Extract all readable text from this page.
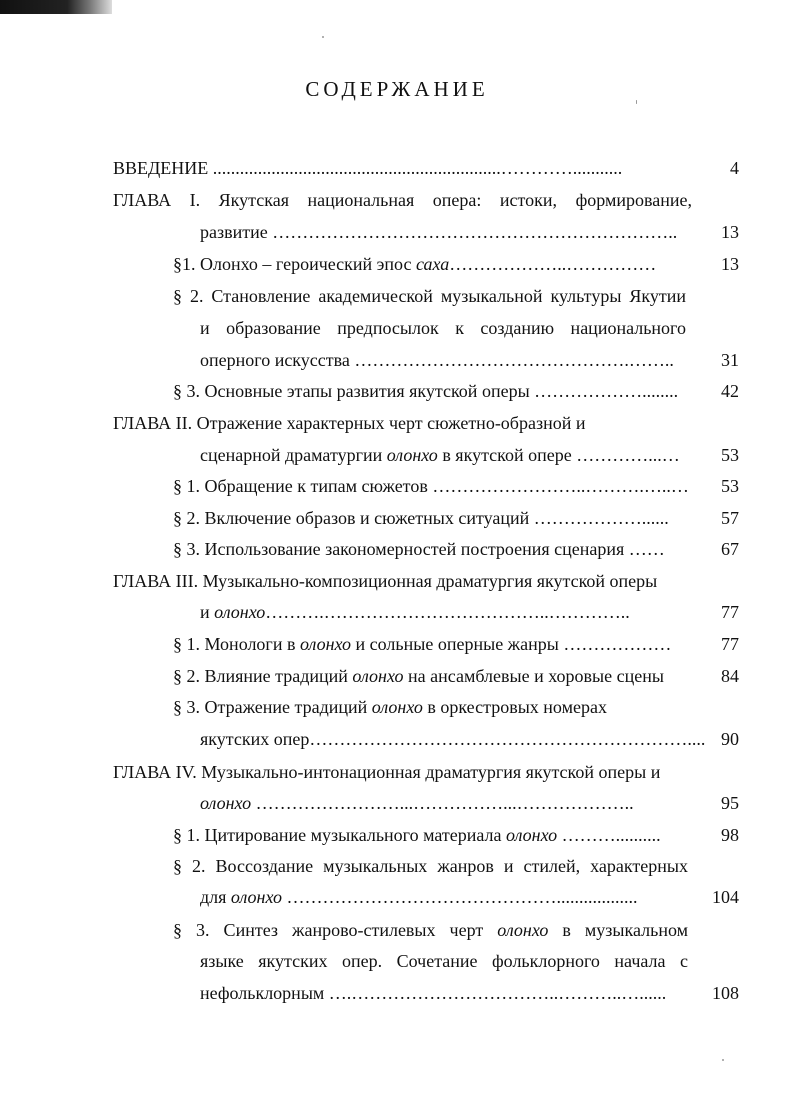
СОДЕРЖАНИЕ
ВВЕДЕНИЕ ................................................................…………...........	4
ГЛАВА I. Якутская национальная опера: истоки, формирование,
развитие …………………………………………………………..	13
§1. Олонхо – героический эпос саха………………..……………	13
§ 2. Становление академической музыкальной культуры Якутии
и образование предпосылок к созданию национального
оперного искусства ……………………………………….……..	31
§ 3. Основные этапы развития якутской оперы ………………........	42
ГЛАВА II. Отражение характерных черт сюжетно-образной и
сценарной драматургии олонхо в якутской опере …………...…	53
§ 1. Обращение к типам сюжетов ……………………..……….…..…	53
§ 2. Включение образов и сюжетных ситуаций ………………......	57
§ 3. Использование закономерностей построения сценария ……	67
ГЛАВА III. Музыкально-композиционная драматургия якутской оперы
и олонхо……….………………………………..…………..	77
§ 1. Монологи в олонхо и сольные оперные жанры ………………	77
§ 2. Влияние традиций олонхо на ансамблевые и хоровые сцены	84
§ 3. Отражение традиций олонхо в оркестровых номерах
якутских опер……………………………………………………….... 90
ГЛАВА IV. Музыкально-интонационная драматургия якутской оперы и
олонхо ……………………...……………...………………..	95
§ 1. Цитирование музыкального материала олонхо ………..........	98
§ 2. Воссоздание музыкальных жанров и стилей, характерных
для олонхо ………………………………………..................	104
§ 3. Синтез жанрово-стилевых черт олонхо в музыкальном
языке якутских опер. Сочетание фольклорного начала с
нефольклорным ….……………………………..………..…......	108
